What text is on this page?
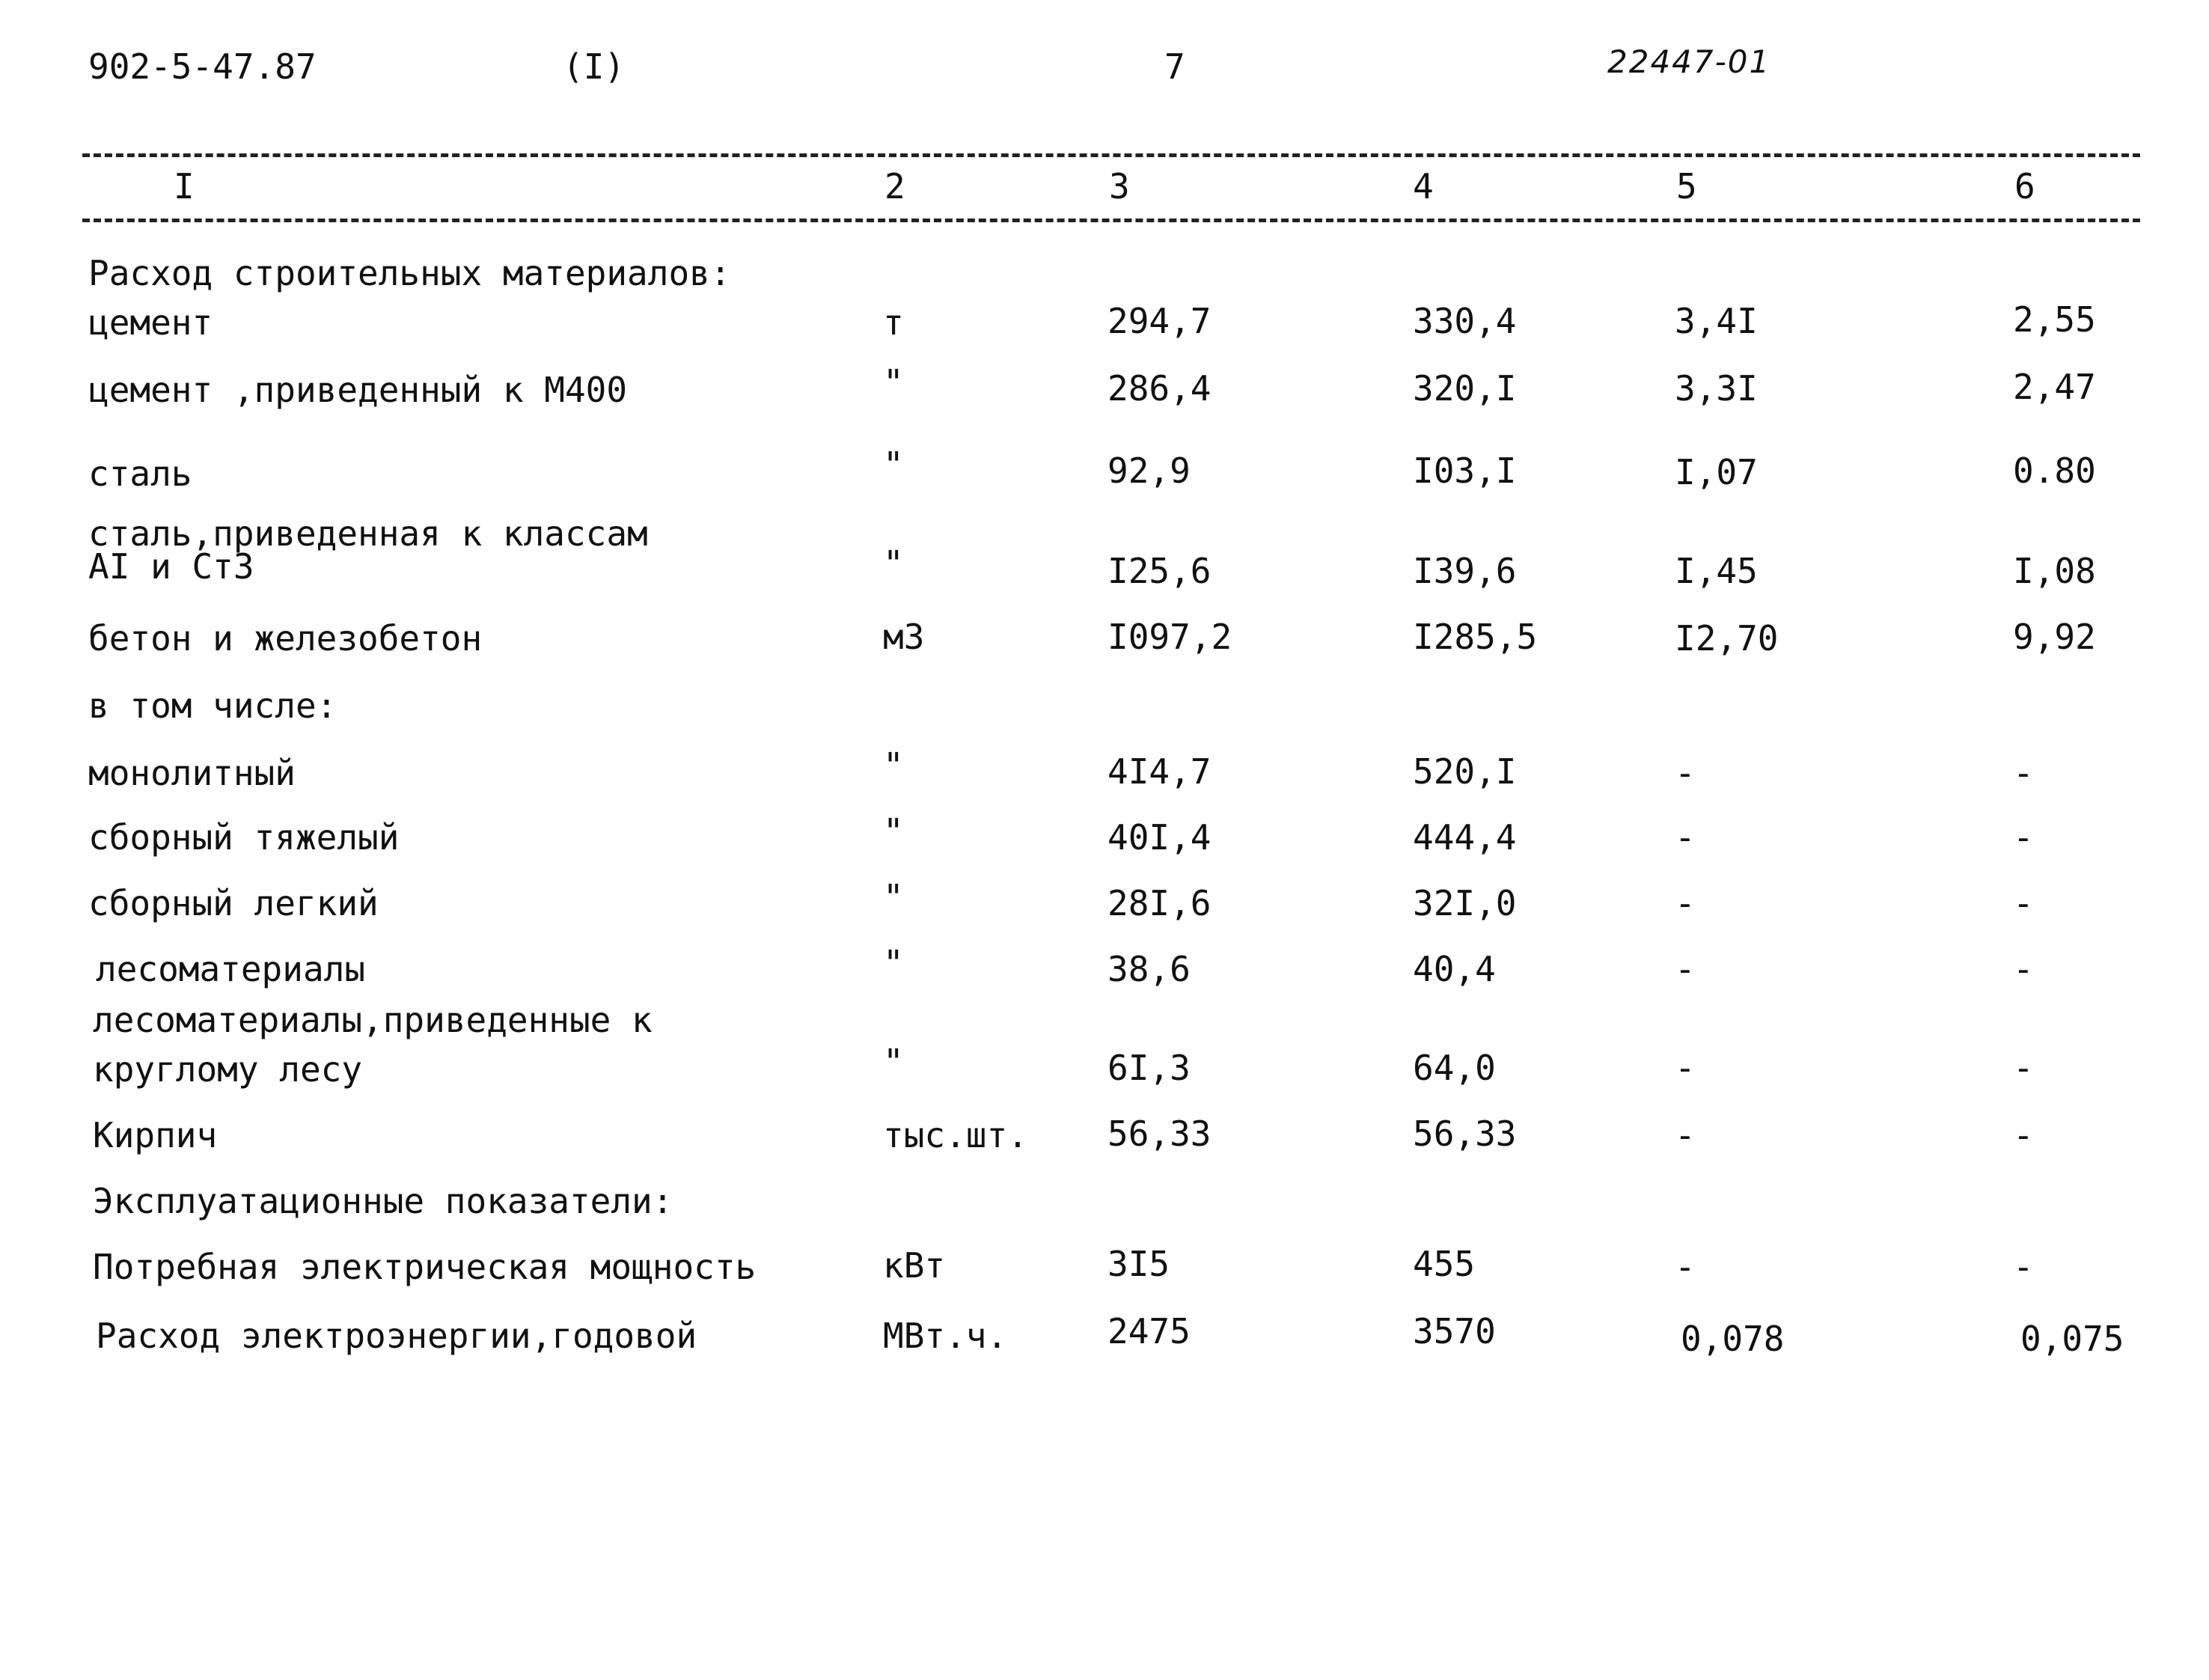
902-5-47.87	(I)	7	22447-01
I	2	3	4	5	6
Расход строительных материалов:
цемент	т	294,7	330,4	3,4I	2,55
цемент ,приведенный к М400	"	286,4	320,I	3,3I	2,47
сталь	"	92,9	I03,I	I,07	0.80
сталь,приведенная к классам
AI и Ст3	"	I25,6	I39,6	I,45	I,08
бетон и железобетон	м3	I097,2	I285,5	I2,70	9,92
в том числе:
монолитный	"	4I4,7	520,I	-	-
сборный тяжелый	"	40I,4	444,4	-	-
сборный легкий	"	28I,6	32I,0	-	-
лесоматериалы	"	38,6	40,4	-	-
лесоматериалы,приведенные к
круглому лесу	"	6I,3	64,0	-	-
Кирпич	тыс.шт. 56,33	56,33	-	-
Эксплуатационные показатели:
Потребная электрическая мощность	кВт	3I5	455	-	-
Расход электроэнергии,годовой	МВт.ч.	2475	3570	0,078	0,075
